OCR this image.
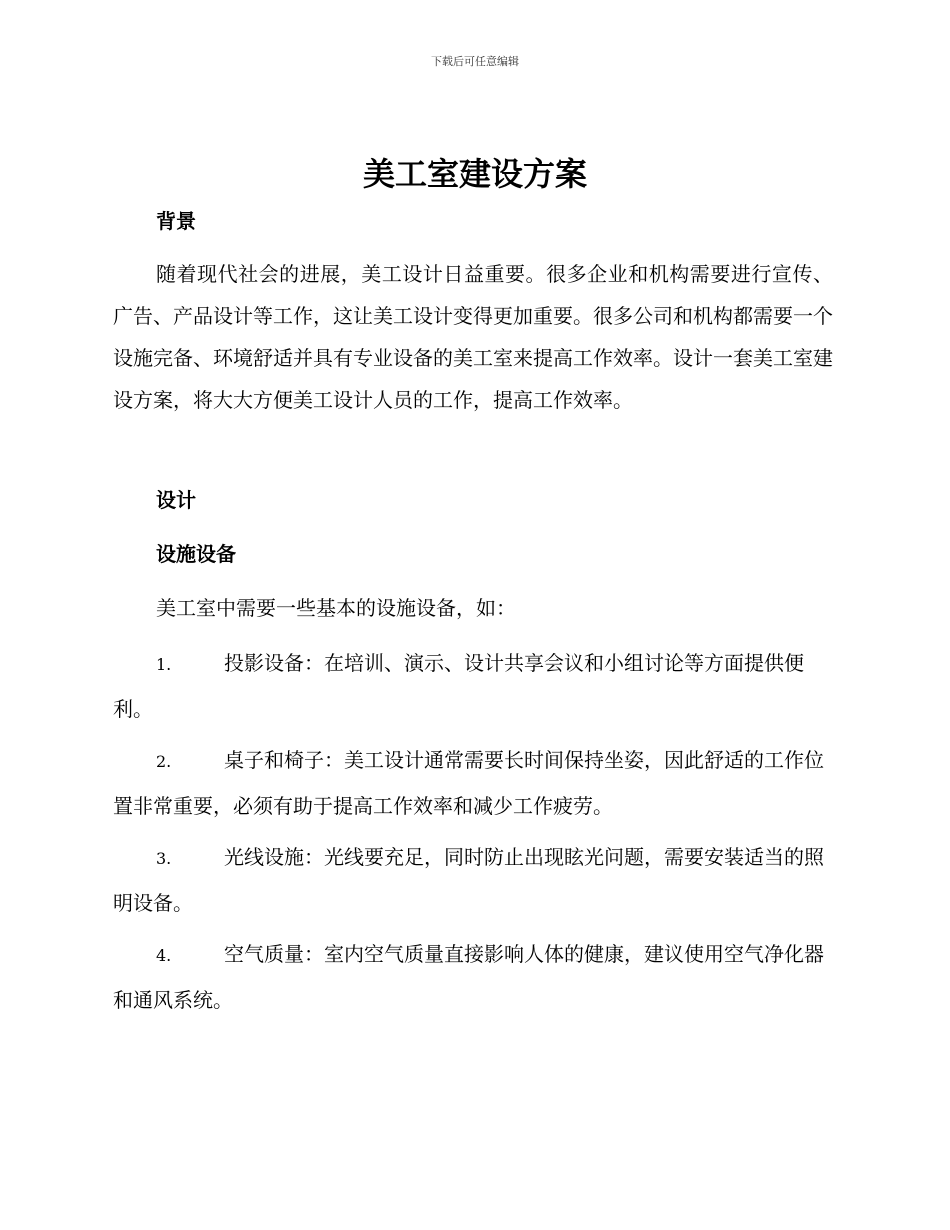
下载后可任意编辑
美工室建设方案
背景

随着现代社会的进展，美工设计日益重要。很多企业和机构需要进行宣传、广告、产品设计等工作，这让美工设计变得更加重要。很多公司和机构都需要一个设施完备、环境舒适并具有专业设备的美工室来提高工作效率。设计一套美工室建设方案，将大大方便美工设计人员的工作，提高工作效率。

设计
设施设备
美工室中需要一些基本的设施设备，如：

1.	投影设备：在培训、演示、设计共享会议和小组讨论等方面提供便利。

2.	桌子和椅子：美工设计通常需要长时间保持坐姿，因此舒适的工作位置非常重要，必须有助于提高工作效率和减少工作疲劳。

3.	光线设施：光线要充足，同时防止出现眩光问题，需要安装适当的照明设备。

4.	空气质量：室内空气质量直接影响人体的健康，建议使用空气净化器和通风系统。
